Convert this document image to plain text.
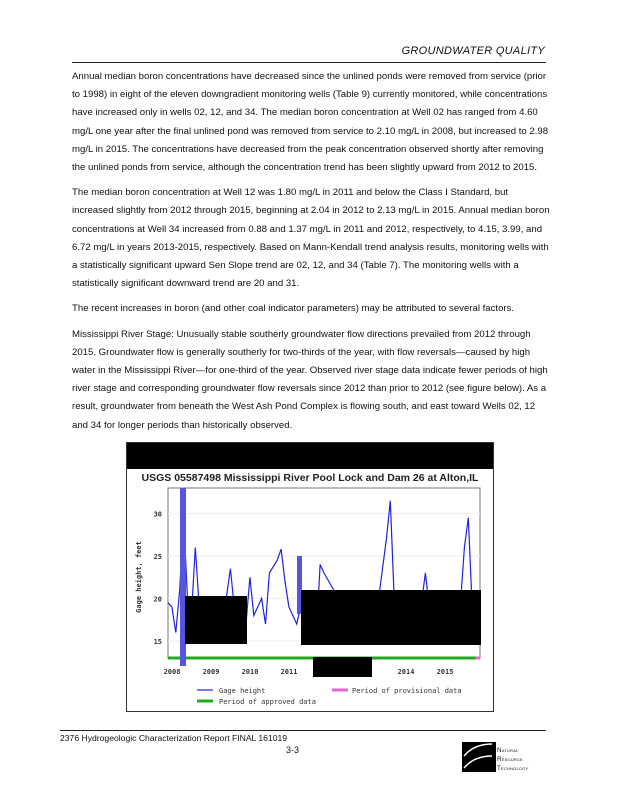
GROUNDWATER QUALITY

Annual median boron concentrations have decreased since the unlined ponds were removed from service (prior to 1998) in eight of the eleven downgradient monitoring wells (Table 9) currently monitored, while concentrations have increased only in wells 02, 12, and 34. The median boron concentration at Well 02 has ranged from 4.60 mg/L one year after the final unlined pond was removed from service to 2.10 mg/L in 2008, but increased to 2.98 mg/L in 2015. The concentrations have decreased from the peak concentration observed shortly after removing the unlined ponds from service, although the concentration trend has been slightly upward from 2012 to 2015.

The median boron concentration at Well 12 was 1.80 mg/L in 2011 and below the Class I Standard, but increased slightly from 2012 through 2015, beginning at 2.04 in 2012 to 2.13 mg/L in 2015. Annual median boron concentrations at Well 34 increased from 0.88 and 1.37 mg/L in 2011 and 2012, respectively, to 4.15, 3.99, and 6.72 mg/L in years 2013-2015, respectively. Based on Mann-Kendall trend analysis results, monitoring wells with a statistically significant upward Sen Slope trend are 02, 12, and 34 (Table 7). The monitoring wells with a statistically significant downward trend are 20 and 31.

The recent increases in boron (and other coal indicator parameters) may be attributed to several factors.

Mississippi River Stage: Unusually stable southerly groundwater flow directions prevailed from 2012 through 2015. Groundwater flow is generally southerly for two-thirds of the year, with flow reversals—caused by high water in the Mississippi River—for one-third of the year. Observed river stage data indicate fewer periods of high river stage and corresponding groundwater flow reversals since 2012 than prior to 2012 (see figure below). As a result, groundwater from beneath the West Ash Pond Complex is flowing south, and east toward Wells 02, 12 and 34 for longer periods than historically observed.

USGS 05587498 Mississippi River Pool Lock and Dam 26 at Alton,IL
Gage height, feet
15
20
25
30
2008	2009	2010	2011	2014	2015
Gage height	Period of provisional data
Period of approved data
2376 Hydrogeologic Characterization Report FINAL 161019
3-3	Natural
Resource
Technology
